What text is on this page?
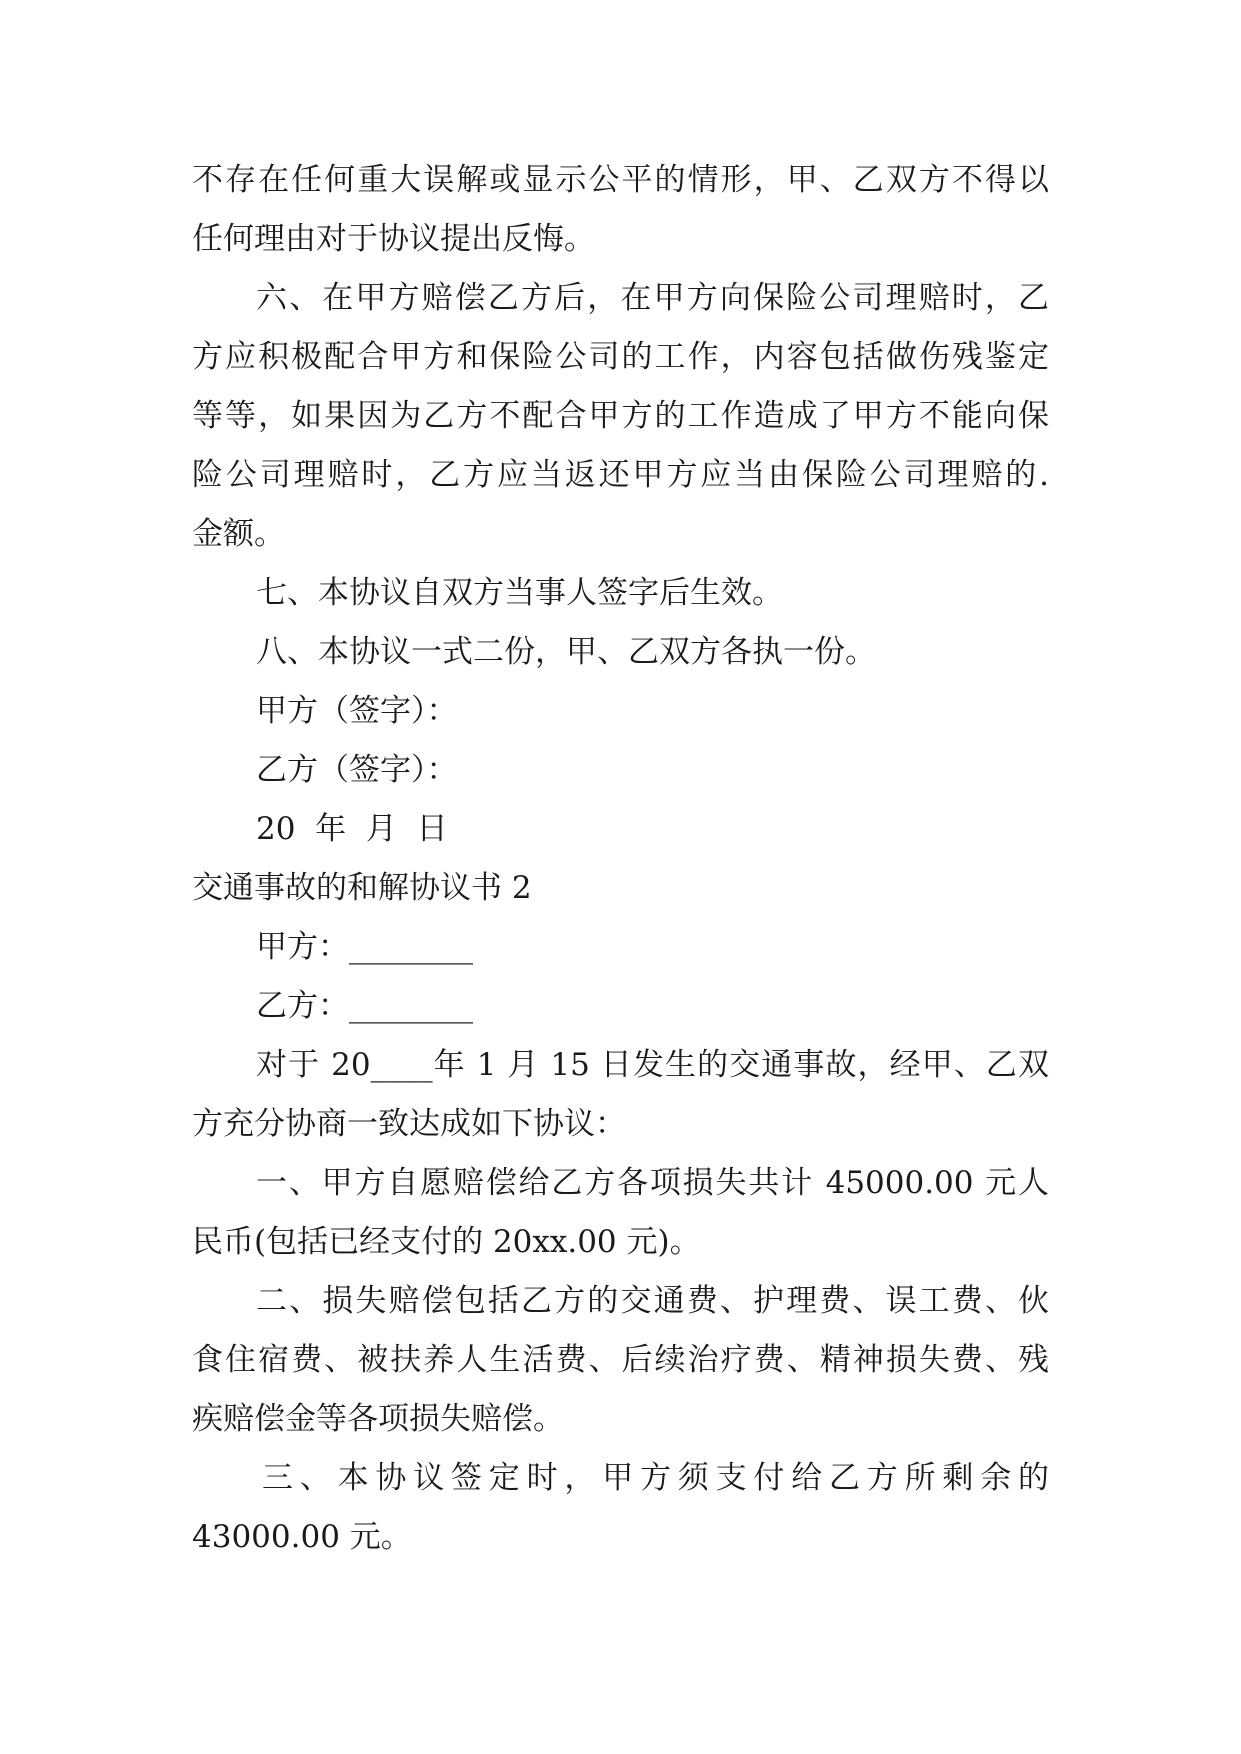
不存在任何重大误解或显示公平的情形，甲、乙双方不得以
任何理由对于协议提出反悔。
六、在甲方赔偿乙方后，在甲方向保险公司理赔时，乙
方应积极配合甲方和保险公司的工作，内容包括做伤残鉴定
等等，如果因为乙方不配合甲方的工作造成了甲方不能向保
险公司理赔时，乙方应当返还甲方应当由保险公司理赔的.
金额。
七、本协议自双方当事人签字后生效。
八、本协议一式二份，甲、乙双方各执一份。
甲方（签字）：
乙方（签字）：
20  年  月  日
交通事故的和解协议书 2
甲方：________
乙方：________
对于 20____年 1 月 15 日发生的交通事故，经甲、乙双
方充分协商一致达成如下协议：
一、甲方自愿赔偿给乙方各项损失共计 45000.00 元人
民币(包括已经支付的 20xx.00 元)。
二、损失赔偿包括乙方的交通费、护理费、误工费、伙
食住宿费、被扶养人生活费、后续治疗费、精神损失费、残
疾赔偿金等各项损失赔偿。
三、本协议签定时，甲方须支付给乙方所剩余的
43000.00 元。
